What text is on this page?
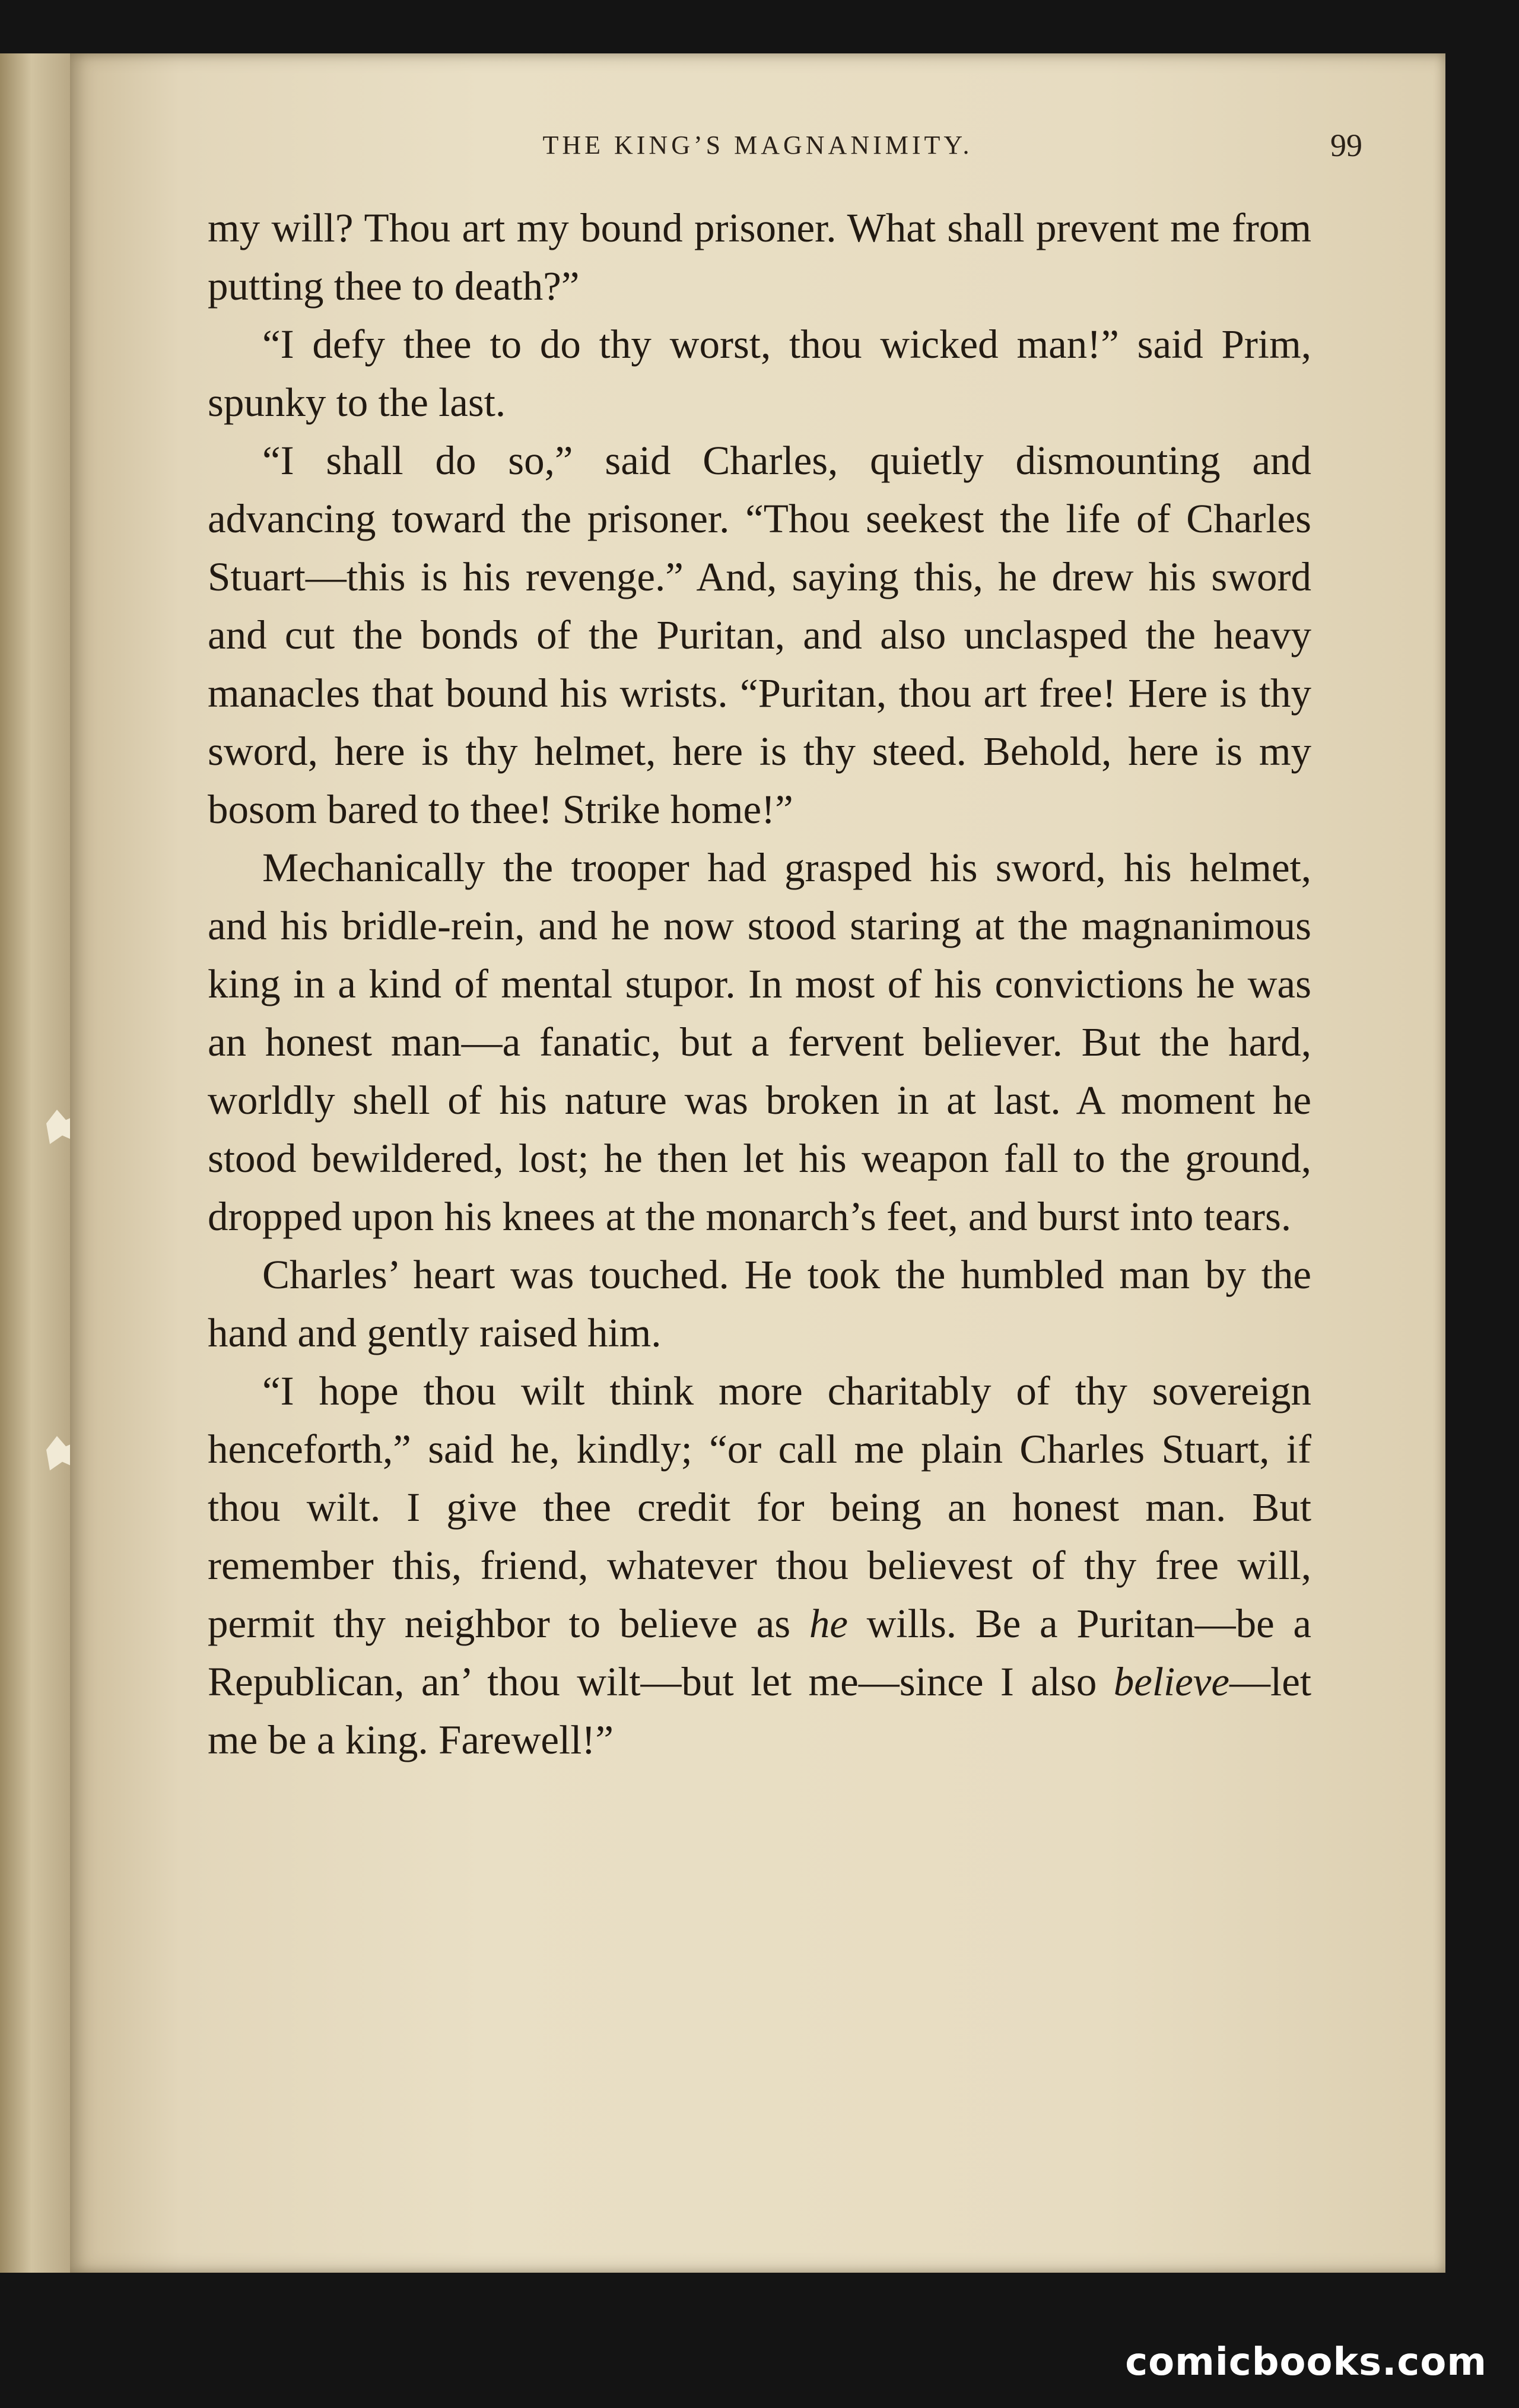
THE KING’S MAGNANIMITY.	99

my will? Thou art my bound prisoner. What shall prevent me from putting thee to death?”

“I defy thee to do thy worst, thou wicked man!” said Prim, spunky to the last.

“I shall do so,” said Charles, quietly dismounting and advancing toward the prisoner. “Thou seekest the life of Charles Stuart—this is his revenge.” And, saying this, he drew his sword and cut the bonds of the Puritan, and also unclasped the heavy manacles that bound his wrists. “Puritan, thou art free! Here is thy sword, here is thy helmet, here is thy steed. Behold, here is my bosom bared to thee! Strike home!”

Mechanically the trooper had grasped his sword, his helmet, and his bridle-rein, and he now stood staring at the magnanimous king in a kind of mental stupor. In most of his convictions he was an honest man—a fanatic, but a fervent believer. But the hard, worldly shell of his nature was broken in at last. A moment he stood bewildered, lost; he then let his weapon fall to the ground, dropped upon his knees at the monarch’s feet, and burst into tears.

Charles’ heart was touched. He took the humbled man by the hand and gently raised him.

“I hope thou wilt think more charitably of thy sovereign henceforth,” said he, kindly; “or call me plain Charles Stuart, if thou wilt. I give thee credit for being an honest man. But remember this, friend, whatever thou believest of thy free will, permit thy neighbor to believe as he wills. Be a Puritan—be a Republican, an’ thou wilt—but let me—since I also believe—let me be a king. Farewell!”

comicbooks.com
